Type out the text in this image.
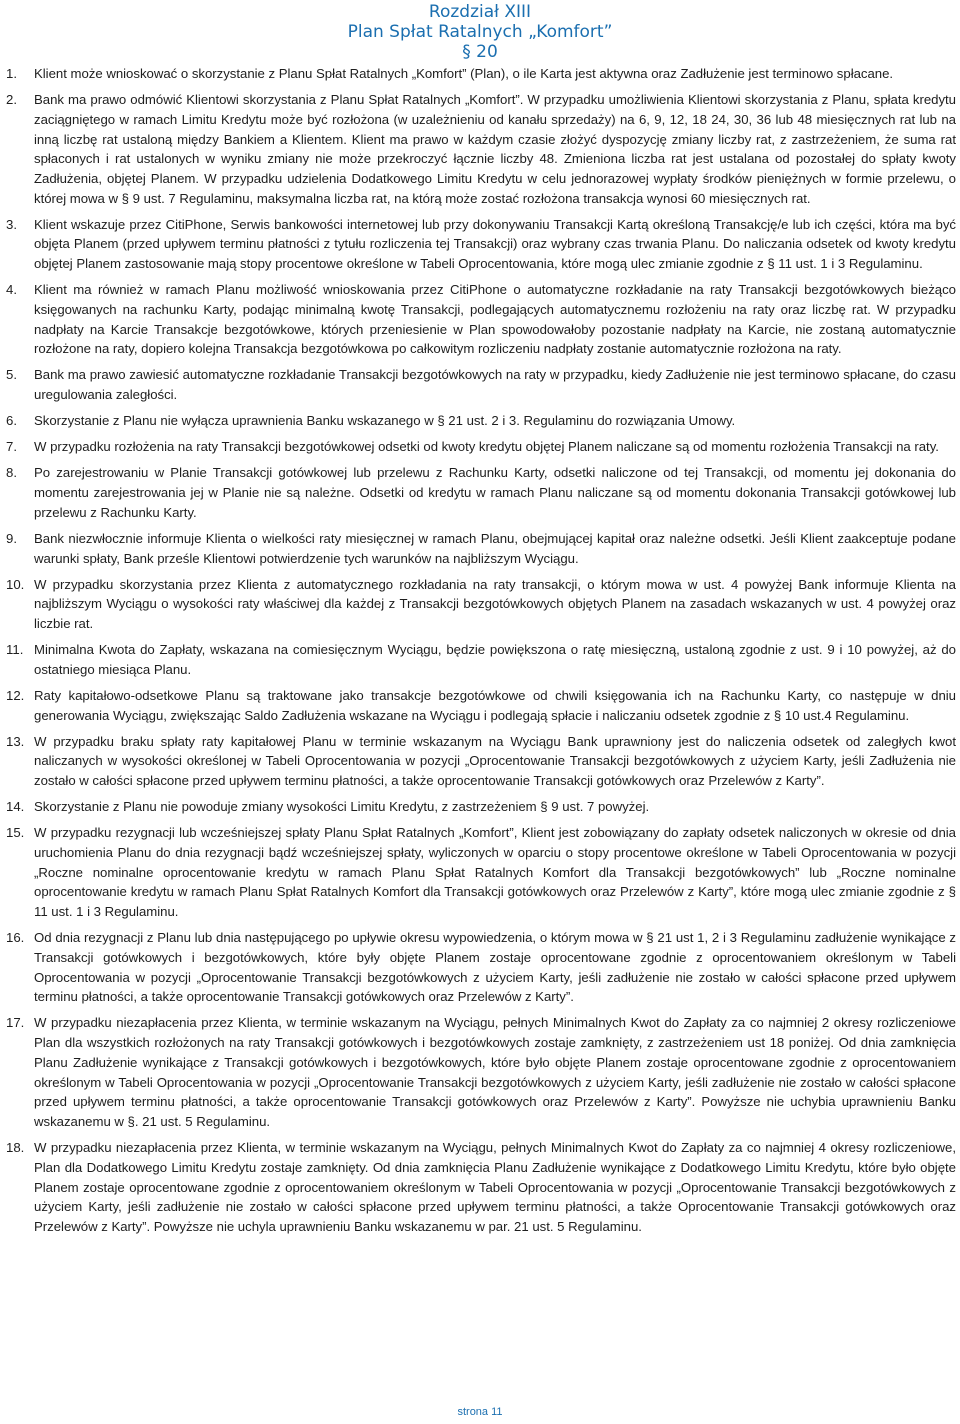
Rozdział XIII
Plan Spłat Ratalnych „Komfort”
§ 20
1.	Klient może wnioskować o skorzystanie z Planu Spłat Ratalnych „Komfort” (Plan), o ile Karta jest aktywna oraz Zadłużenie jest terminowo spłacane.
2.	Bank ma prawo odmówić Klientowi skorzystania z Planu Spłat Ratalnych „Komfort”. W przypadku umożliwienia Klientowi skorzystania z Planu, spłata kredytu zaciągniętego w ramach Limitu Kredytu może być rozłożona (w uzależnieniu od kanału sprzedaży) na 6, 9, 12, 18 24, 30, 36 lub 48 miesięcznych rat lub na inną liczbę rat ustaloną między Bankiem a Klientem. Klient ma prawo w każdym czasie złożyć dyspozycję zmiany liczby rat, z zastrzeżeniem, że suma rat spłaconych i rat ustalonych w wyniku zmiany nie może przekroczyć łącznie liczby 48. Zmieniona liczba rat jest ustalana od pozostałej do spłaty kwoty Zadłużenia, objętej Planem. W przypadku udzielenia Dodatkowego Limitu Kredytu w celu jednorazowej wypłaty środków pieniężnych w formie przelewu, o której mowa w § 9 ust. 7 Regulaminu, maksymalna liczba rat, na którą może zostać rozłożona transakcja wynosi 60 miesięcznych rat.
3.	Klient wskazuje przez CitiPhone, Serwis bankowości internetowej lub przy dokonywaniu Transakcji Kartą określoną Transakcję/e lub ich części, która ma być objęta Planem (przed upływem terminu płatności z tytułu rozliczenia tej Transakcji) oraz wybrany czas trwania Planu. Do naliczania odsetek od kwoty kredytu objętej Planem zastosowanie mają stopy procentowe określone w Tabeli Oprocentowania, które mogą ulec zmianie zgodnie z § 11 ust. 1 i 3 Regulaminu.
4.	Klient ma również w ramach Planu możliwość wnioskowania przez CitiPhone o automatyczne rozkładanie na raty Transakcji bezgotówkowych bieżąco księgowanych na rachunku Karty, podając minimalną kwotę Transakcji, podlegających automatycznemu rozłożeniu na raty oraz liczbę rat. W przypadku nadpłaty na Karcie Transakcje bezgotówkowe, których przeniesienie w Plan spowodowałoby pozostanie nadpłaty na Karcie, nie zostaną automatycznie rozłożone na raty, dopiero kolejna Transakcja bezgotówkowa po całkowitym rozliczeniu nadpłaty zostanie automatycznie rozłożona na raty.
5.	Bank ma prawo zawiesić automatyczne rozkładanie Transakcji bezgotówkowych na raty w przypadku, kiedy Zadłużenie nie jest terminowo spłacane, do czasu uregulowania zaległości.
6.	Skorzystanie z Planu nie wyłącza uprawnienia Banku wskazanego w § 21 ust. 2 i 3. Regulaminu do rozwiązania Umowy.
7.	W przypadku rozłożenia na raty Transakcji bezgotówkowej odsetki od kwoty kredytu objętej Planem naliczane są od momentu rozłożenia Transakcji na raty.
8.	Po zarejestrowaniu w Planie Transakcji gotówkowej lub przelewu z Rachunku Karty, odsetki naliczone od tej Transakcji, od momentu jej dokonania do momentu zarejestrowania jej w Planie nie są należne. Odsetki od kredytu w ramach Planu naliczane są od momentu dokonania Transakcji gotówkowej lub przelewu z Rachunku Karty.
9.	Bank niezwłocznie informuje Klienta o wielkości raty miesięcznej w ramach Planu, obejmującej kapitał oraz należne odsetki. Jeśli Klient zaakceptuje podane warunki spłaty, Bank prześle Klientowi potwierdzenie tych warunków na najbliższym Wyciągu.
10. W przypadku skorzystania przez Klienta z automatycznego rozkładania na raty transakcji, o którym mowa w ust. 4 powyżej Bank informuje Klienta na najbliższym Wyciągu o wysokości raty właściwej dla każdej z Transakcji bezgotówkowych objętych Planem na zasadach wskazanych w ust. 4 powyżej oraz liczbie rat.
11. Minimalna Kwota do Zapłaty, wskazana na comiesięcznym Wyciągu, będzie powiększona o ratę miesięczną, ustaloną zgodnie z ust. 9 i 10 powyżej, aż do ostatniego miesiąca Planu.
12. Raty kapitałowo-odsetkowe Planu są traktowane jako transakcje bezgotówkowe od chwili księgowania ich na Rachunku Karty, co następuje w dniu generowania Wyciągu, zwiększając Saldo Zadłużenia wskazane na Wyciągu i podlegają spłacie i naliczaniu odsetek zgodnie z § 10 ust.4 Regulaminu.
13. W przypadku braku spłaty raty kapitałowej Planu w terminie wskazanym na Wyciągu Bank uprawniony jest do naliczenia odsetek od zaległych kwot naliczanych w wysokości określonej w Tabeli Oprocentowania w pozycji „Oprocentowanie Transakcji bezgotówkowych z użyciem Karty, jeśli Zadłużenia nie zostało w całości spłacone przed upływem terminu płatności, a także oprocentowanie Transakcji gotówkowych oraz Przelewów z Karty”.
14. Skorzystanie z Planu nie powoduje zmiany wysokości Limitu Kredytu, z zastrzeżeniem § 9 ust. 7 powyżej.
15. W przypadku rezygnacji lub wcześniejszej spłaty Planu Spłat Ratalnych „Komfort”, Klient jest zobowiązany do zapłaty odsetek naliczonych w okresie od dnia uruchomienia Planu do dnia rezygnacji bądź wcześniejszej spłaty, wyliczonych w oparciu o stopy procentowe określone w Tabeli Oprocentowania w pozycji „Roczne nominalne oprocentowanie kredytu w ramach Planu Spłat Ratalnych Komfort dla Transakcji bezgotówkowych” lub „Roczne nominalne oprocentowanie kredytu w ramach Planu Spłat Ratalnych Komfort dla Transakcji gotówkowych oraz Przelewów z Karty”, które mogą ulec zmianie zgodnie z § 11 ust. 1 i 3 Regulaminu.
16. Od dnia rezygnacji z Planu lub dnia następującego po upływie okresu wypowiedzenia, o którym mowa w § 21 ust 1, 2 i 3 Regulaminu zadłużenie wynikające z Transakcji gotówkowych i bezgotówkowych, które były objęte Planem zostaje oprocentowane zgodnie z oprocentowaniem określonym w Tabeli Oprocentowania w pozycji „Oprocentowanie Transakcji bezgotówkowych z użyciem Karty, jeśli zadłużenie nie zostało w całości spłacone przed upływem terminu płatności, a także oprocentowanie Transakcji gotówkowych oraz Przelewów z Karty”.
17. W przypadku niezapłacenia przez Klienta, w terminie wskazanym na Wyciągu, pełnych Minimalnych Kwot do Zapłaty za co najmniej 2 okresy rozliczeniowe Plan dla wszystkich rozłożonych na raty Transakcji gotówkowych i bezgotówkowych zostaje zamknięty, z zastrzeżeniem ust 18 poniżej. Od dnia zamknięcia Planu Zadłużenie wynikające z Transakcji gotówkowych i bezgotówkowych, które było objęte Planem zostaje oprocentowane zgodnie z oprocentowaniem określonym w Tabeli Oprocentowania w pozycji „Oprocentowanie Transakcji bezgotówkowych z użyciem Karty, jeśli zadłużenie nie zostało w całości spłacone przed upływem terminu płatności, a także oprocentowanie Transakcji gotówkowych oraz Przelewów z Karty”. Powyższe nie uchybia uprawnieniu Banku wskazanemu w §. 21 ust. 5 Regulaminu.
18. W przypadku niezapłacenia przez Klienta, w terminie wskazanym na Wyciągu, pełnych Minimalnych Kwot do Zapłaty za co najmniej 4 okresy rozliczeniowe, Plan dla Dodatkowego Limitu Kredytu zostaje zamknięty. Od dnia zamknięcia Planu Zadłużenie wynikające z Dodatkowego Limitu Kredytu, które było objęte Planem zostaje oprocentowane zgodnie z oprocentowaniem określonym w Tabeli Oprocentowania w pozycji „Oprocentowanie Transakcji bezgotówkowych z użyciem Karty, jeśli zadłużenie nie zostało w całości spłacone przed upływem terminu płatności, a także Oprocentowanie Transakcji gotówkowych oraz Przelewów z Karty”. Powyższe nie uchyla uprawnieniu Banku wskazanemu w par. 21 ust. 5 Regulaminu.
strona 11
